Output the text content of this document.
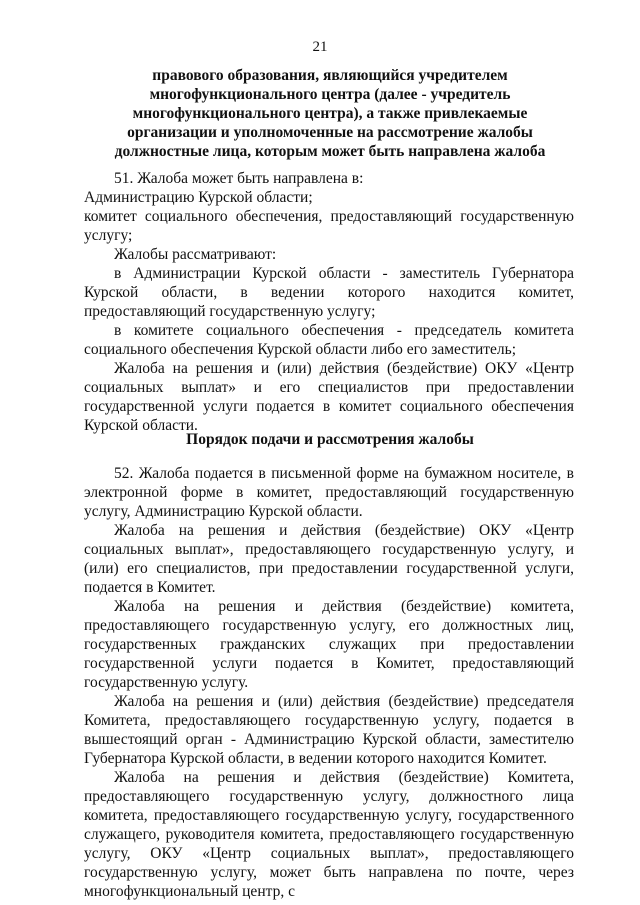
21
правового образования, являющийся учредителем многофункционального центра (далее - учредитель многофункционального центра), а также привлекаемые организации и уполномоченные на рассмотрение жалобы должностные лица, которым может быть направлена жалоба

51. Жалоба может быть направлена в:

Администрацию Курской области;

комитет социального обеспечения, предоставляющий государственную услугу;

Жалобы рассматривают:

в Администрации Курской области - заместитель Губернатора Курской области, в ведении которого находится комитет, предоставляющий государственную услугу;

в комитете социального обеспечения - председатель комитета социального обеспечения Курской области либо его заместитель;

Жалоба на решения и (или) действия (бездействие) ОКУ «Центр социальных выплат» и его специалистов при предоставлении государственной услуги подается в комитет социального обеспечения Курской области.

Порядок подачи и рассмотрения жалобы

52. Жалоба подается в письменной форме на бумажном носителе, в электронной форме в комитет, предоставляющий государственную услугу, Администрацию Курской области.

Жалоба на решения и действия (бездействие) ОКУ «Центр социальных выплат», предоставляющего государственную услугу, и (или) его специалистов, при предоставлении государственной услуги, подается в Комитет.

Жалоба на решения и действия (бездействие) комитета, предоставляющего государственную услугу, его должностных лиц, государственных гражданских служащих при предоставлении государственной услуги подается в Комитет, предоставляющий государственную услугу.

Жалоба на решения и (или) действия (бездействие) председателя Комитета, предоставляющего государственную услугу, подается в вышестоящий орган - Администрацию Курской области, заместителю Губернатора Курской области, в ведении которого находится Комитет.

Жалоба на решения и действия (бездействие) Комитета, предоставляющего государственную услугу, должностного лица комитета, предоставляющего государственную услугу, государственного служащего, руководителя комитета, предоставляющего государственную услугу, ОКУ «Центр социальных выплат», предоставляющего государственную услугу, может быть направлена по почте, через многофункциональный центр, с
